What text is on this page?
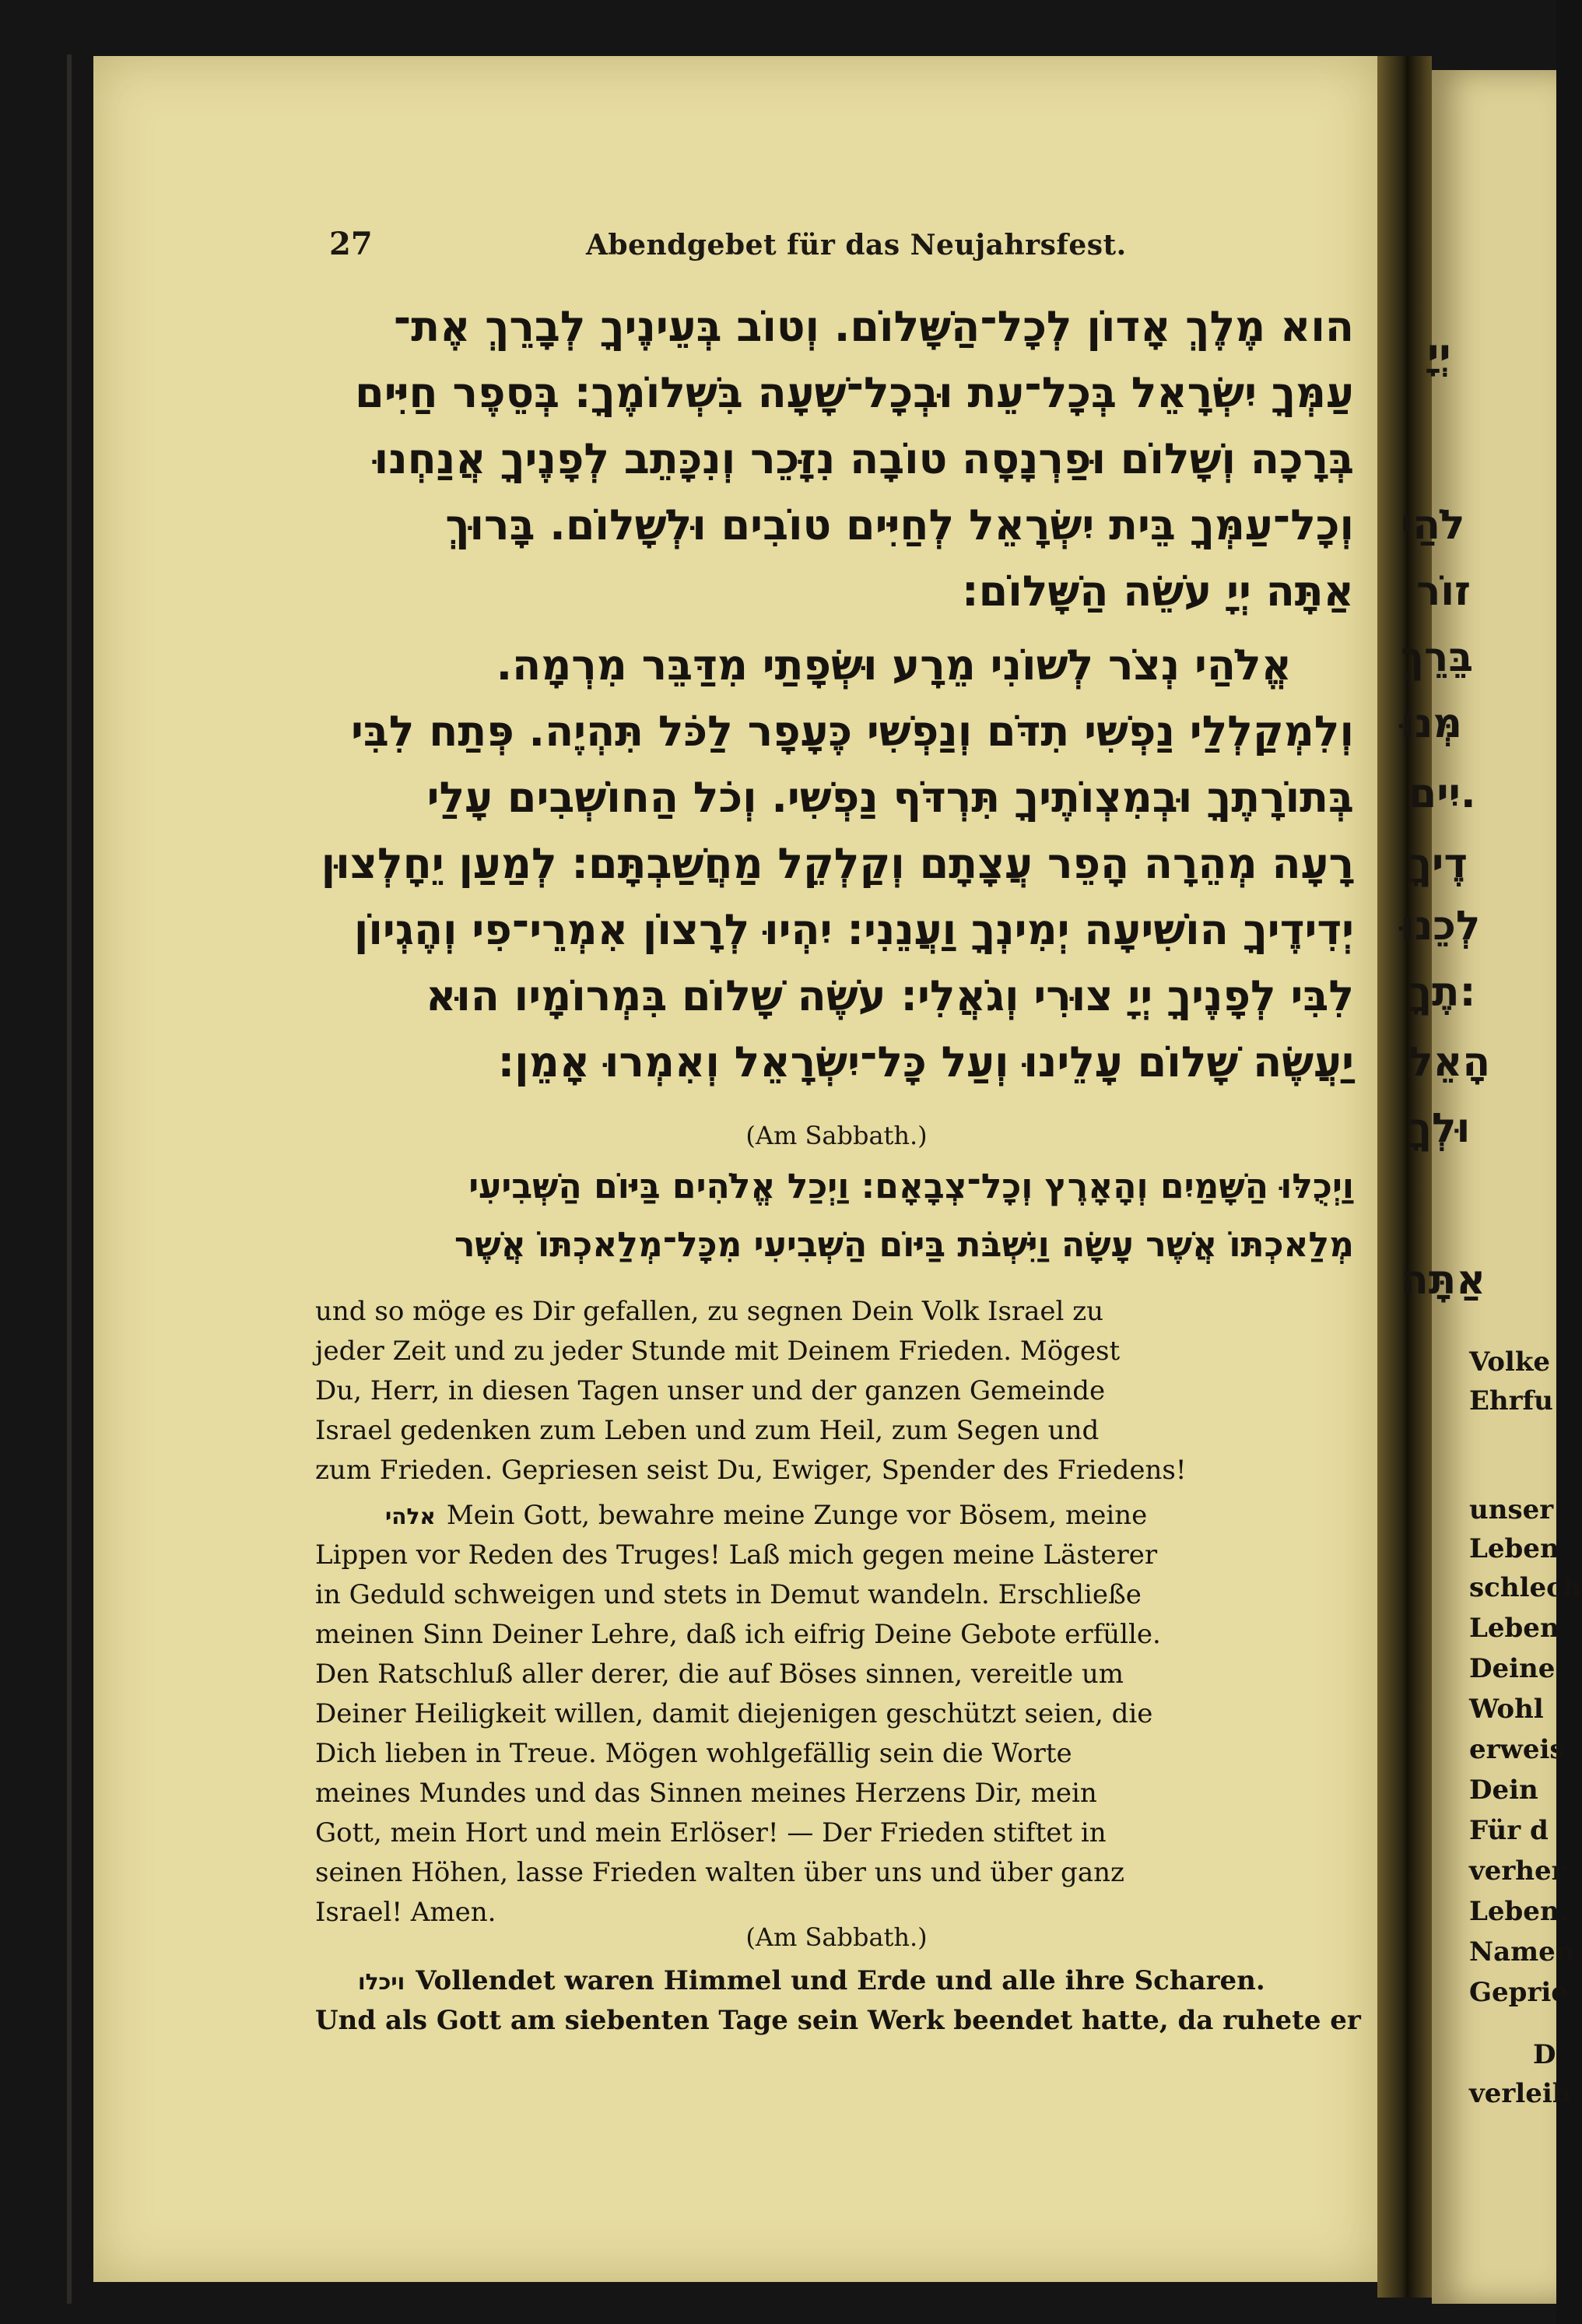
יְיָ
לֹהַי
זוֹר
בֵּרֵךְ
מְּנוּ
יִים.
דֶיךָ
לְכֵנוּ
תֶךָ:
הָאֵל
וּלְךָ
אַתָּה
Volke
Ehrfu
unser
Leben
schlech
Leben
Deine
Wohl
erweis
Dein
Für d
verher
Leben.
Namen
Geprie
D
verleih
27	Abendgebet für das Neujahrsfest.
הוא מֶלֶךְ אָדוֹן לְכָל־הַשָּׁלוֹם. וְטוֹב בְּעֵינֶיךָ לְבָרֵךְ אֶת־
עַמְּךָ יִשְׂרָאֵל בְּכָל־עֵת וּבְכָל־שָׁעָה בִּשְׁלוֹמֶךָ: בְּסֵפֶר חַיִּים
בְּרָכָה וְשָׁלוֹם וּפַרְנָסָה טוֹבָה נִזָּכֵר וְנִכָּתֵב לְפָנֶיךָ אֲנַחְנוּ
וְכָל־עַמְּךָ בֵּית יִשְׂרָאֵל לְחַיִּים טוֹבִים וּלְשָׁלוֹם. בָּרוּךְ
אַתָּה יְיָ עֹשֵׂה הַשָּׁלוֹם:
אֱלֹהַי נְצֹר לְשׁוֹנִי מֵרָע וּשְׂפָתַי מִדַּבֵּר מִרְמָה.
וְלִמְקַלְלַי נַפְשִׁי תִדֹּם וְנַפְשִׁי כֶּעָפָר לַכֹּל תִּהְיֶה. פְּתַח לִבִּי
בְּתוֹרָתֶךָ וּבְמִצְוֺתֶיךָ תִּרְדֹּף נַפְשִׁי. וְכֹל הַחוֹשְׁבִים עָלַי
רָעָה מְהֵרָה הָפֵר עֲצָתָם וְקַלְקֵל מַחֲשַׁבְתָּם: לְמַעַן יֵחָלְצוּן
יְדִידֶיךָ הוֹשִׁיעָה יְמִינְךָ וַעֲנֵנִי: יִהְיוּ לְרָצוֹן אִמְרֵי־פִי וְהֶגְיוֹן
לִבִּי לְפָנֶיךָ יְיָ צוּרִי וְגֹאֲלִי: עֹשֶׂה שָׁלוֹם בִּמְרוֹמָיו הוּא
יַעֲשֶׂה שָׁלוֹם עָלֵינוּ וְעַל כָּל־יִשְׂרָאֵל וְאִמְרוּ אָמֵן:
(Am Sabbath.)
וַיְכֻלּוּ הַשָּׁמַיִם וְהָאָרֶץ וְכָל־צְבָאָם: וַיְכַל אֱלֹהִים בַּיּוֹם הַשְּׁבִיעִי
מְלַאכְתּוֹ אֲשֶׁר עָשָׂה וַיִּשְׁבֹּת בַּיּוֹם הַשְּׁבִיעִי מִכָּל־מְלַאכְתּוֹ אֲשֶׁר
und so möge es Dir gefallen, zu segnen Dein Volk Israel zu
jeder Zeit und zu jeder Stunde mit Deinem Frieden. Mögest
Du, Herr, in diesen Tagen unser und der ganzen Gemeinde
Israel gedenken zum Leben und zum Heil, zum Segen und
zum Frieden. Gepriesen seist Du, Ewiger, Spender des Friedens!
אלהי Mein Gott, bewahre meine Zunge vor Bösem, meine
Lippen vor Reden des Truges! Laß mich gegen meine Lästerer
in Geduld schweigen und stets in Demut wandeln. Erschließe
meinen Sinn Deiner Lehre, daß ich eifrig Deine Gebote erfülle.
Den Ratschluß aller derer, die auf Böses sinnen, vereitle um
Deiner Heiligkeit willen, damit diejenigen geschützt seien, die
Dich lieben in Treue. Mögen wohlgefällig sein die Worte
meines Mundes und das Sinnen meines Herzens Dir, mein
Gott, mein Hort und mein Erlöser! — Der Frieden stiftet in
seinen Höhen, lasse Frieden walten über uns und über ganz
Israel! Amen.
(Am Sabbath.)
ויכלו Vollendet waren Himmel und Erde und alle ihre Scharen.
Und als Gott am siebenten Tage sein Werk beendet hatte, da ruhete er
